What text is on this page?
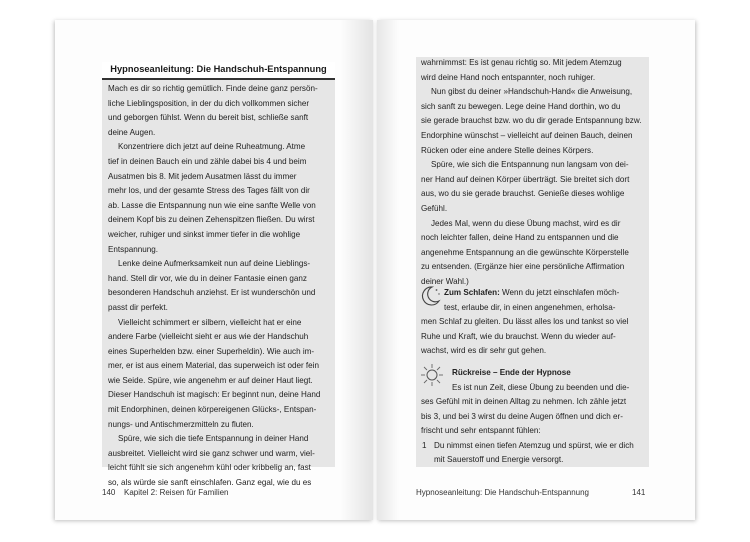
Hypnoseanleitung: Die Handschuh-Entspannung
Mach es dir so richtig gemütlich. Finde deine ganz persön-
liche Lieblingsposition, in der du dich vollkommen sicher
und geborgen fühlst. Wenn du bereit bist, schließe sanft
deine Augen.
Konzentriere dich jetzt auf deine Ruheatmung. Atme
tief in deinen Bauch ein und zähle dabei bis 4 und beim
Ausatmen bis 8. Mit jedem Ausatmen lässt du immer
mehr los, und der gesamte Stress des Tages fällt von dir
ab. Lasse die Entspannung nun wie eine sanfte Welle von
deinem Kopf bis zu deinen Zehenspitzen fließen. Du wirst
weicher, ruhiger und sinkst immer tiefer in die wohlige
Entspannung.
Lenke deine Aufmerksamkeit nun auf deine Lieblings-
hand. Stell dir vor, wie du in deiner Fantasie einen ganz
besonderen Handschuh anziehst. Er ist wunderschön und
passt dir perfekt.
Vielleicht schimmert er silbern, vielleicht hat er eine
andere Farbe (vielleicht sieht er aus wie der Handschuh
eines Superhelden bzw. einer Superheldin). Wie auch im-
mer, er ist aus einem Material, das superweich ist oder fein
wie Seide. Spüre, wie angenehm er auf deiner Haut liegt.
Dieser Handschuh ist magisch: Er beginnt nun, deine Hand
mit Endorphinen, deinen körpereigenen Glücks-, Entspan-
nungs- und Antischmerzmitteln zu fluten.
Spüre, wie sich die tiefe Entspannung in deiner Hand
ausbreitet. Vielleicht wird sie ganz schwer und warm, viel-
leicht fühlt sie sich angenehm kühl oder kribbelig an, fast
so, als würde sie sanft einschlafen. Ganz egal, wie du es
wahrnimmst: Es ist genau richtig so. Mit jedem Atemzug
wird deine Hand noch entspannter, noch ruhiger.
Nun gibst du deiner »Handschuh-Hand« die Anweisung,
sich sanft zu bewegen. Lege deine Hand dorthin, wo du
sie gerade brauchst bzw. wo du dir gerade Entspannung bzw.
Endorphine wünschst – vielleicht auf deinen Bauch, deinen
Rücken oder eine andere Stelle deines Körpers.
Spüre, wie sich die Entspannung nun langsam von dei-
ner Hand auf deinen Körper überträgt. Sie breitet sich dort
aus, wo du sie gerade brauchst. Genieße dieses wohlige
Gefühl.
Jedes Mal, wenn du diese Übung machst, wird es dir
noch leichter fallen, deine Hand zu entspannen und die
angenehme Entspannung an die gewünschte Körperstelle
zu entsenden. (Ergänze hier eine persönliche Affirmation
deiner Wahl.)
Zum Schlafen: Wenn du jetzt einschlafen möch-
test, erlaube dir, in einen angenehmen, erholsa-
men Schlaf zu gleiten. Du lässt alles los und tankst so viel
Ruhe und Kraft, wie du brauchst. Wenn du wieder auf-
wachst, wird es dir sehr gut gehen.
Rückreise – Ende der Hypnose
Es ist nun Zeit, diese Übung zu beenden und die-
ses Gefühl mit in deinen Alltag zu nehmen. Ich zähle jetzt
bis 3, und bei 3 wirst du deine Augen öffnen und dich er-
frischt und sehr entspannt fühlen:
1 Du nimmst einen tiefen Atemzug und spürst, wie er dich
mit Sauerstoff und Energie versorgt.
140 Kapitel 2: Reisen für Familien	Hypnoseanleitung: Die Handschuh-Entspannung	141
